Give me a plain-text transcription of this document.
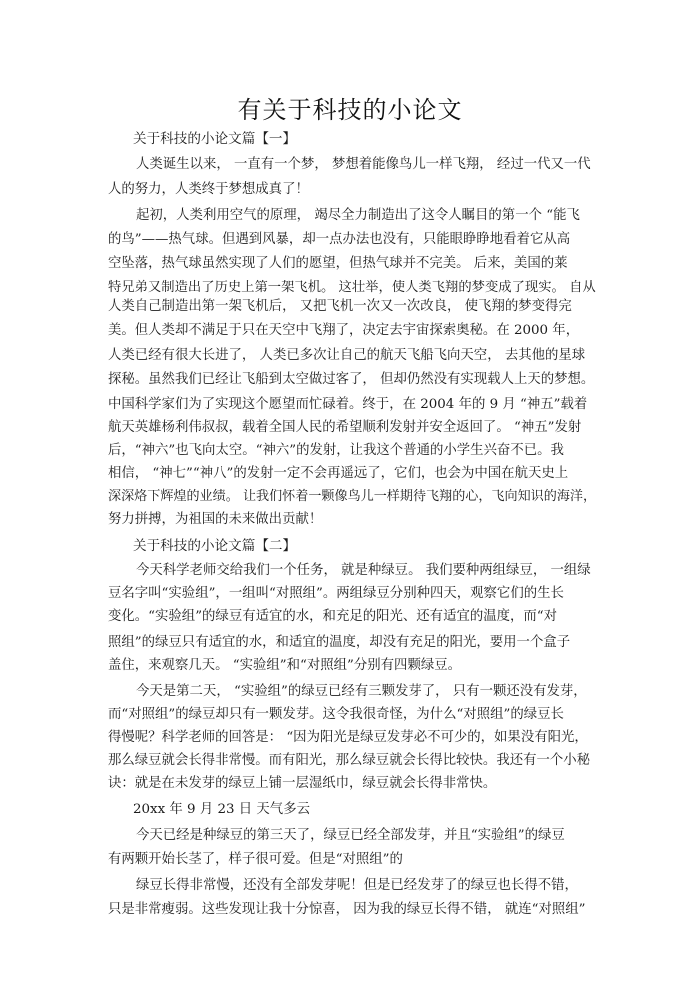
有关于科技的小论文
关于科技的小论文篇【一】
人类诞生以来， 一直有一个梦， 梦想着能像鸟儿一样飞翔， 经过一代又一代
人的努力，人类终于梦想成真了！
起初，人类利用空气的原理， 竭尽全力制造出了这令人瞩目的第一个 “能飞
的鸟”——热气球。但遇到风暴，却一点办法也没有，只能眼睁睁地看着它从高
空坠落，热气球虽然实现了人们的愿望，但热气球并不完美。 后来，美国的莱
特兄弟又制造出了历史上第一架飞机。 这壮举，使人类飞翔的梦变成了现实。 自从
人类自己制造出第一架飞机后， 又把飞机一次又一次改良， 使飞翔的梦变得完
美。但人类却不满足于只在天空中飞翔了，决定去宇宙探索奥秘。在 2000 年，
人类已经有很大长进了， 人类已多次让自己的航天飞船飞向天空， 去其他的星球
探秘。虽然我们已经让飞船到太空做过客了， 但却仍然没有实现载人上天的梦想。
中国科学家们为了实现这个愿望而忙碌着。终于，在 2004 年的 9 月 “神五”载着
航天英雄杨利伟叔叔，载着全国人民的希望顺利发射并安全返回了。 “神五”发射
后，“神六”也飞向太空。“神六”的发射，让我这个普通的小学生兴奋不已。我
相信， “神七”“神八”的发射一定不会再遥远了，它们，也会为中国在航天史上
深深烙下辉煌的业绩。 让我们怀着一颗像鸟儿一样期待飞翔的心，飞向知识的海洋，
努力拼搏，为祖国的未来做出贡献！
关于科技的小论文篇【二】
今天科学老师交给我们一个任务， 就是种绿豆。 我们要种两组绿豆， 一组绿
豆名字叫“实验组”，一组叫“对照组”。两组绿豆分别种四天，观察它们的生长
变化。“实验组”的绿豆有适宜的水，和充足的阳光、还有适宜的温度，而“对
照组”的绿豆只有适宜的水，和适宜的温度，却没有充足的阳光，要用一个盒子
盖住，来观察几天。 “实验组”和“对照组”分别有四颗绿豆。
今天是第二天， “实验组”的绿豆已经有三颗发芽了， 只有一颗还没有发芽，
而“对照组”的绿豆却只有一颗发芽。这令我很奇怪，为什么“对照组”的绿豆长
得慢呢？科学老师的回答是： “因为阳光是绿豆发芽必不可少的，如果没有阳光，
那么绿豆就会长得非常慢。而有阳光，那么绿豆就会长得比较快。我还有一个小秘
诀：就是在未发芽的绿豆上铺一层湿纸巾，绿豆就会长得非常快。
20xx 年 9 月 23 日 天气多云
今天已经是种绿豆的第三天了，绿豆已经全部发芽，并且“实验组”的绿豆
有两颗开始长茎了，样子很可爱。但是“对照组”的
绿豆长得非常慢，还没有全部发芽呢！但是已经发芽了的绿豆也长得不错，
只是非常瘦弱。这些发现让我十分惊喜， 因为我的绿豆长得不错， 就连“对照组”
